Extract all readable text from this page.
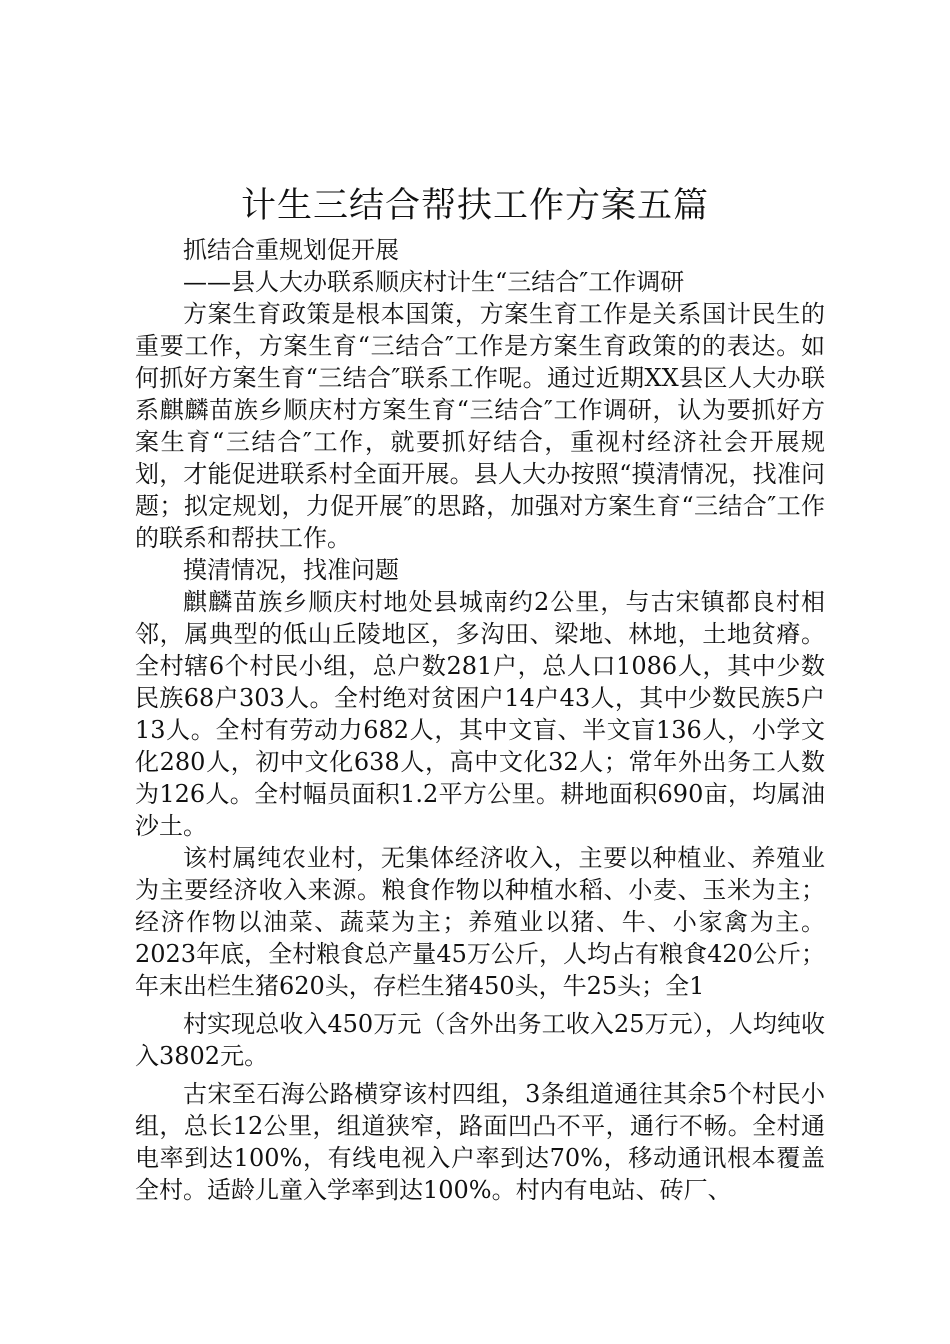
计生三结合帮扶工作方案五篇

抓结合重规划促开展

——县人大办联系顺庆村计生“三结合″工作调研

方案生育政策是根本国策，方案生育工作是关系国计民生的重要工作，方案生育“三结合″工作是方案生育政策的的表达。如何抓好方案生育“三结合″联系工作呢。通过近期XX县区人大办联系麒麟苗族乡顺庆村方案生育“三结合″工作调研，认为要抓好方案生育“三结合″工作，就要抓好结合，重视村经济社会开展规划，才能促进联系村全面开展。县人大办按照“摸清情况，找准问题；拟定规划，力促开展″的思路，加强对方案生育“三结合″工作的联系和帮扶工作。

摸清情况，找准问题

麒麟苗族乡顺庆村地处县城南约2公里，与古宋镇都良村相邻，属典型的低山丘陵地区，多沟田、梁地、林地，土地贫瘠。全村辖6个村民小组，总户数281户，总人口1086人，其中少数民族68户303人。全村绝对贫困户14户43人，其中少数民族5户13人。全村有劳动力682人，其中文盲、半文盲136人，小学文化280人，初中文化638人，高中文化32人；常年外出务工人数为126人。全村幅员面积1.2平方公里。耕地面积690亩，均属油沙土。

该村属纯农业村，无集体经济收入，主要以种植业、养殖业为主要经济收入来源。粮食作物以种植水稻、小麦、玉米为主；经济作物以油菜、蔬菜为主；养殖业以猪、牛、小家禽为主。2023年底，全村粮食总产量45万公斤，人均占有粮食420公斤；年末出栏生猪620头，存栏生猪450头，牛25头；全1

村实现总收入450万元（含外出务工收入25万元），人均纯收入3802元。

古宋至石海公路横穿该村四组，3条组道通往其余5个村民小组，总长12公里，组道狭窄，路面凹凸不平，通行不畅。全村通电率到达100%，有线电视入户率到达70%，移动通讯根本覆盖全村。适龄儿童入学率到达100%。村内有电站、砖厂、
